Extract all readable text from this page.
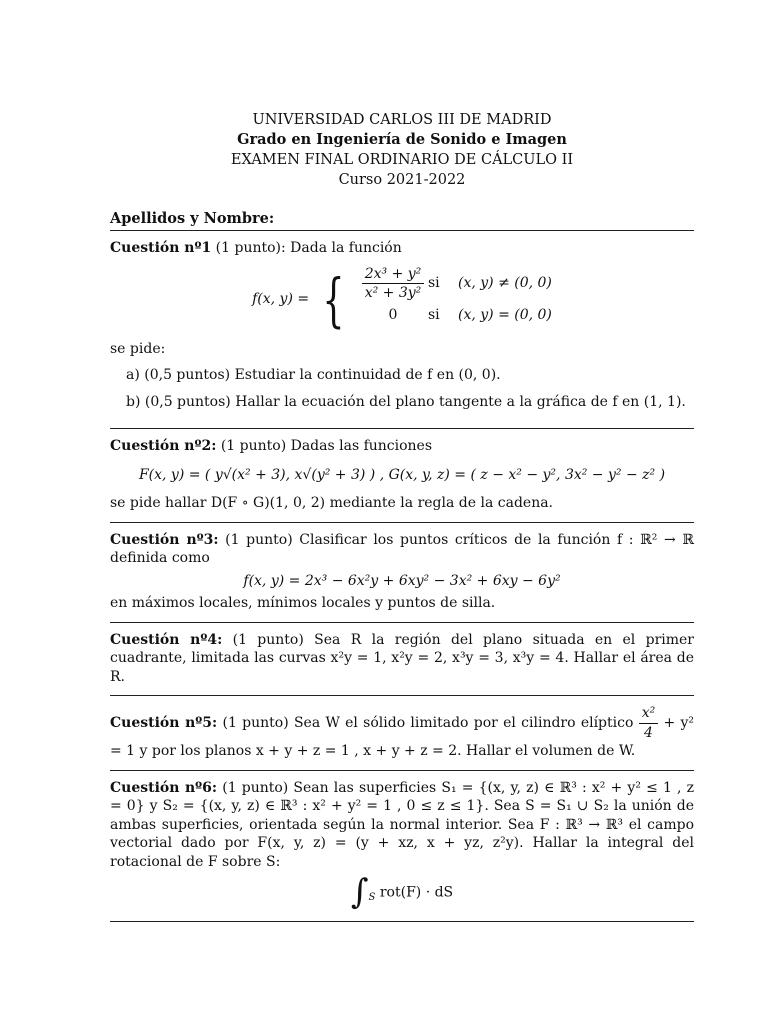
UNIVERSIDAD CARLOS III DE MADRID
Grado en Ingeniería de Sonido e Imagen
EXAMEN FINAL ORDINARIO DE CÁLCULO II
Curso 2021-2022
Apellidos y Nombre:
Cuestión nº1 (1 punto): Dada la función
f(x, y) = { $\frac{\text{2x³ + y²}}{\text{x² + 3y²}}$ si	(x, y) ≠ (0, 0)
0	si	(x, y) = (0, 0)
se pide:
a) (0,5 puntos) Estudiar la continuidad de f en (0, 0).
b) (0,5 puntos) Hallar la ecuación del plano tangente a la gráfica de f en (1, 1).
Cuestión nº2: (1 punto) Dadas las funciones
F(x, y) = ( y√(x² + 3), x√(y² + 3) ) , G(x, y, z) = ( z − x² − y², 3x² − y² − z² )
se pide hallar D(F ∘ G)(1, 0, 2) mediante la regla de la cadena.
Cuestión nº3: (1 punto) Clasificar los puntos críticos de la función f : ℝ² → ℝ definida como
f(x, y) = 2x³ − 6x²y + 6xy² − 3x² + 6xy − 6y²
en máximos locales, mínimos locales y puntos de silla.
Cuestión nº4: (1 punto) Sea R la región del plano situada en el primer cuadrante, limitada las curvas x²y = 1, x²y = 2, x³y = 3, x³y = 4. Hallar el área de R.
Cuestión nº5: (1 punto) Sea W el sólido limitado por el cilindro elíptico $\frac{\text{x²}}{4} + y^2 = 1$ y por los planos x + y + z = 1 , x + y + z = 2. Hallar el volumen de W.
Cuestión nº6: (1 punto) Sean las superficies S₁ = {(x, y, z) ∈ ℝ³ : x² + y² ≤ 1 , z = 0} y S₂ = {(x, y, z) ∈ ℝ³ : x² + y² = 1 , 0 ≤ z ≤ 1}. Sea S = S₁ ∪ S₂ la unión de ambas superficies, orientada según la normal interior. Sea F : ℝ³ → ℝ³ el campo vectorial dado por F(x, y, z) = (y + xz, x + yz, z²y). Hallar la integral del rotacional de F sobre S:
$\int_S$ rot(F) · dS
